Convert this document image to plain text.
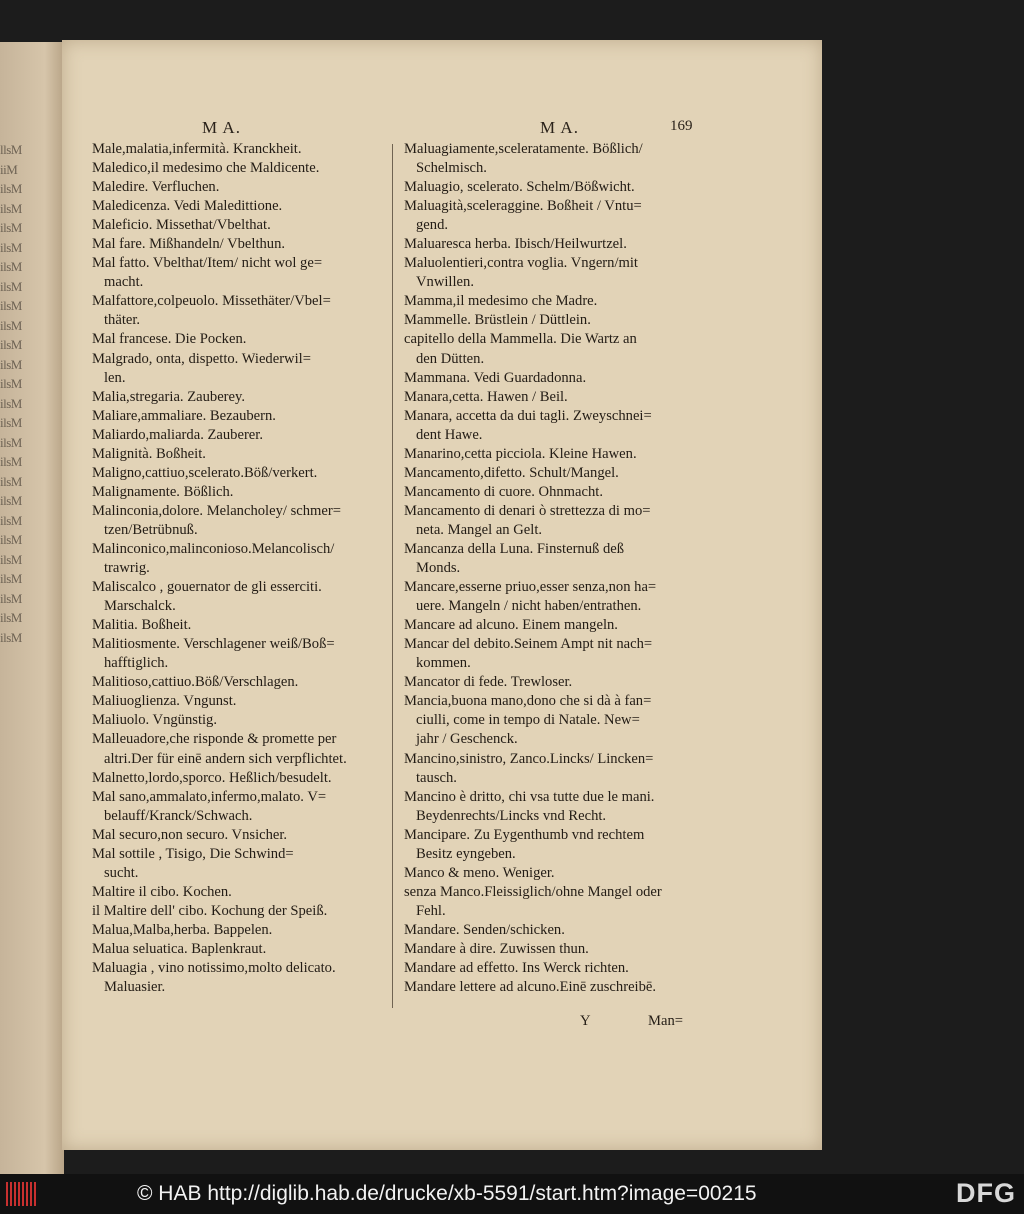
llsM
iiM
ilsM
ilsM
ilsM
ilsM
ilsM
ilsM
ilsM
ilsM
ilsM
ilsM
ilsM
ilsM
ilsM
ilsM
ilsM
ilsM
ilsM
ilsM
ilsM
ilsM
ilsM
ilsM
ilsM
ilsM
M A.	M A.	169
Male,malatia,infermità. Kranckheit.
Maledico,il medesimo che Maldicente.
Maledire. Verfluchen.
Maledicenza. Vedi Maledittione.
Maleficio. Missethat/Vbelthat.
Mal fare. Mißhandeln/ Vbelthun.
Mal fatto. Vbelthat/Item/ nicht wol ge=
macht.
Malfattore,colpeuolo. Missethäter/Vbel=
thäter.
Mal francese. Die Pocken.
Malgrado, onta, dispetto. Wiederwil=
len.
Malia,stregaria. Zauberey.
Maliare,ammaliare. Bezaubern.
Maliardo,maliarda. Zauberer.
Malignità. Boßheit.
Maligno,cattiuo,scelerato.Böß/verkert.
Malignamente. Bößlich.
Malinconia,dolore. Melancholey/ schmer=
tzen/Betrübnuß.
Malinconico,malinconioso.Melancolisch/
trawrig.
Maliscalco , gouernator de gli esserciti.
Marschalck.
Malitia. Boßheit.
Malitiosmente. Verschlagener weiß/Boß=
hafftiglich.
Malitioso,cattiuo.Böß/Verschlagen.
Maliuoglienza. Vngunst.
Maliuolo. Vngünstig.
Malleuadore,che risponde & promette per
altri.Der für einē andern sich verpflichtet.
Malnetto,lordo,sporco. Heßlich/besudelt.
Mal sano,ammalato,infermo,malato. V=
belauff/Kranck/Schwach.
Mal securo,non securo. Vnsicher.
Mal sottile , Tisigo, Die Schwind=
sucht.
Maltire il cibo. Kochen.
il Maltire dell' cibo. Kochung der Speiß.
Malua,Malba,herba. Bappelen.
Malua seluatica. Baplenkraut.
Maluagia , vino notissimo,molto delicato.
Maluasier.
Maluagiamente,sceleratamente. Bößlich/
Schelmisch.
Maluagio, scelerato. Schelm/Bößwicht.
Maluagità,sceleraggine. Boßheit / Vntu=
gend.
Maluaresca herba. Ibisch/Heilwurtzel.
Maluolentieri,contra voglia. Vngern/mit
Vnwillen.
Mamma,il medesimo che Madre.
Mammelle. Brüstlein / Düttlein.
capitello della Mammella. Die Wartz an
den Dütten.
Mammana. Vedi Guardadonna.
Manara,cetta. Hawen / Beil.
Manara, accetta da dui tagli. Zweyschnei=
dent Hawe.
Manarino,cetta picciola. Kleine Hawen.
Mancamento,difetto. Schult/Mangel.
Mancamento di cuore. Ohnmacht.
Mancamento di denari ò strettezza di mo=
neta. Mangel an Gelt.
Mancanza della Luna. Finsternuß deß
Monds.
Mancare,esserne priuo,esser senza,non ha=
uere. Mangeln / nicht haben/entrathen.
Mancare ad alcuno. Einem mangeln.
Mancar del debito.Seinem Ampt nit nach=
kommen.
Mancator di fede. Trewloser.
Mancia,buona mano,dono che si dà à fan=
ciulli, come in tempo di Natale. New=
jahr / Geschenck.
Mancino,sinistro, Zanco.Lincks/ Lincken=
tausch.
Mancino è dritto, chi vsa tutte due le mani.
Beydenrechts/Lincks vnd Recht.
Mancipare. Zu Eygenthumb vnd rechtem
Besitz eyngeben.
Manco & meno. Weniger.
senza Manco.Fleissiglich/ohne Mangel oder
Fehl.
Mandare. Senden/schicken.
Mandare à dire. Zuwissen thun.
Mandare ad effetto. Ins Werck richten.
Mandare lettere ad alcuno.Einē zuschreibē.
Y	Man=
© HAB http://diglib.hab.de/drucke/xb-5591/start.htm?image=00215	DFG
